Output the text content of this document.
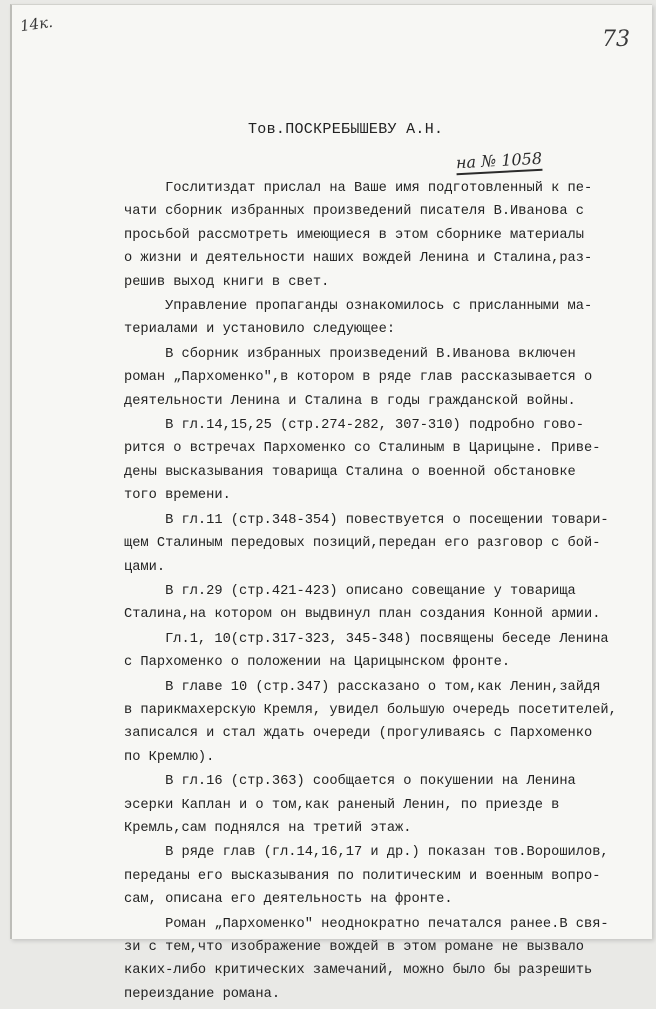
14к.
73
Тов.ПОСКРЕБЫШЕВУ А.Н.
на № 1058
Гослитиздат прислал на Ваше имя подготовленный к пе-
чати сборник избранных произведений писателя В.Иванова с
просьбой рассмотреть имеющиеся в этом сборнике материалы
о жизни и деятельности наших вождей Ленина и Сталина,раз-
решив выход книги в свет.
Управление пропаганды ознакомилось с присланными ма-
териалами и установило следующее:
В сборник избранных произведений В.Иванова включен
роман „Пархоменко",в котором в ряде глав рассказывается о
деятельности Ленина и Сталина в годы гражданской войны.
В гл.14,15,25 (стр.274-282, 307-310) подробно гово-
рится о встречах Пархоменко со Сталиным в Царицыне. Приве-
дены высказывания товарища Сталина о военной обстановке
того времени.
В гл.11 (стр.348-354) повествуется о посещении товари-
щем Сталиным передовых позиций,передан его разговор с бой-
цами.
В гл.29 (стр.421-423) описано совещание у товарища
Сталина,на котором он выдвинул план создания Конной армии.
Гл.1, 10(стр.317-323, 345-348) посвящены беседе Ленина
с Пархоменко о положении на Царицынском фронте.
В главе 10 (стр.347) рассказано о том,как Ленин,зайдя
в парикмахерскую Кремля, увидел большую очередь посетителей,
записался и стал ждать очереди (прогуливаясь с Пархоменко
по Кремлю).
В гл.16 (стр.363) сообщается о покушении на Ленина
эсерки Каплан и о том,как раненый Ленин, по приезде в
Кремль,сам поднялся на третий этаж.
В ряде глав (гл.14,16,17 и др.) показан тов.Ворошилов,
переданы его высказывания по политическим и военным вопро-
сам, описана его деятельность на фронте.
Роман „Пархоменко" неоднократно печатался ранее.В свя-
зи с тем,что изображение вождей в этом романе не вызвало
каких-либо критических замечаний, можно было бы разрешить
переиздание романа.
